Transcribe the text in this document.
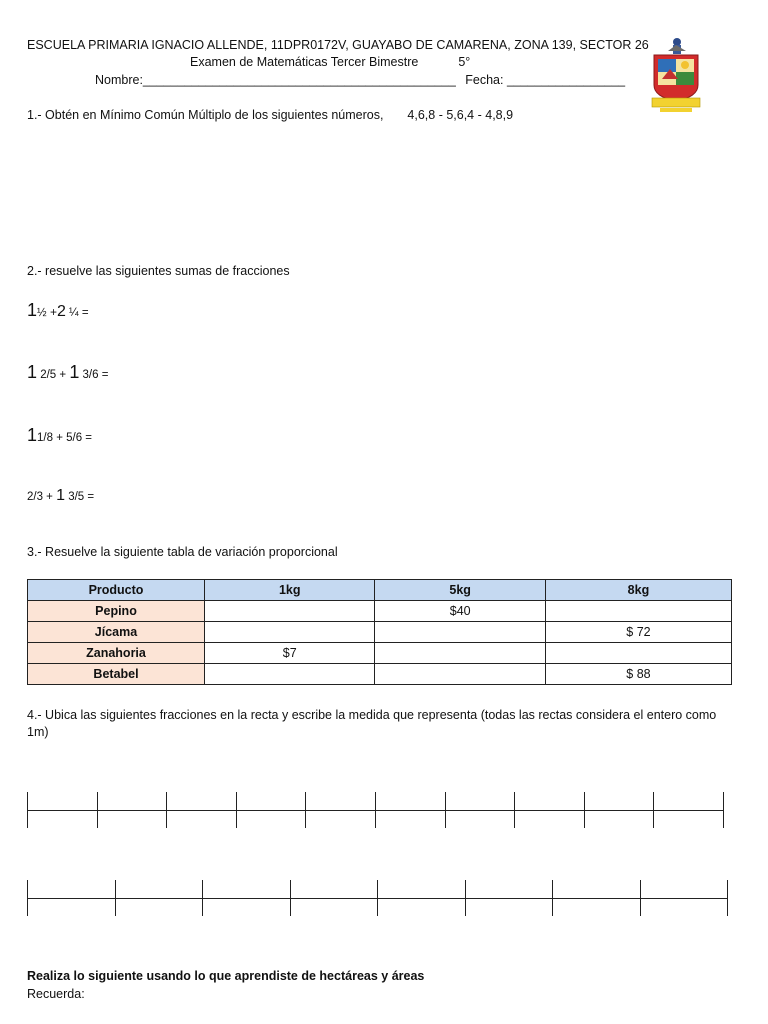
ESCUELA PRIMARIA IGNACIO ALLENDE, 11DPR0172V, GUAYABO DE CAMARENA, ZONA 139, SECTOR 26
Examen de Matemáticas Tercer Bimestre	5°
Nombre:_____________________________________________ Fecha: _________________
1.- Obtén en Mínimo Común Múltiplo de los siguientes números, 4,6,8 - 5,6,4 - 4,8,9
2.- resuelve las siguientes sumas de fracciones
1½ +2 ¼ =
1 2/5 + 1 3/6 =
11/8 + 5/6 =
2/3 + 1 3/5 =
3.- Resuelve la siguiente tabla de variación proporcional
Producto	1kg	5kg	8kg
Pepino		$40	
Jícama			$ 72
Zanahoria	$7		
Betabel			$ 88
4.- Ubica las siguientes fracciones en la recta y escribe la medida que representa (todas las rectas considera el entero como 1m)
Realiza lo siguiente usando lo que aprendiste de hectáreas y áreas
Recuerda:
